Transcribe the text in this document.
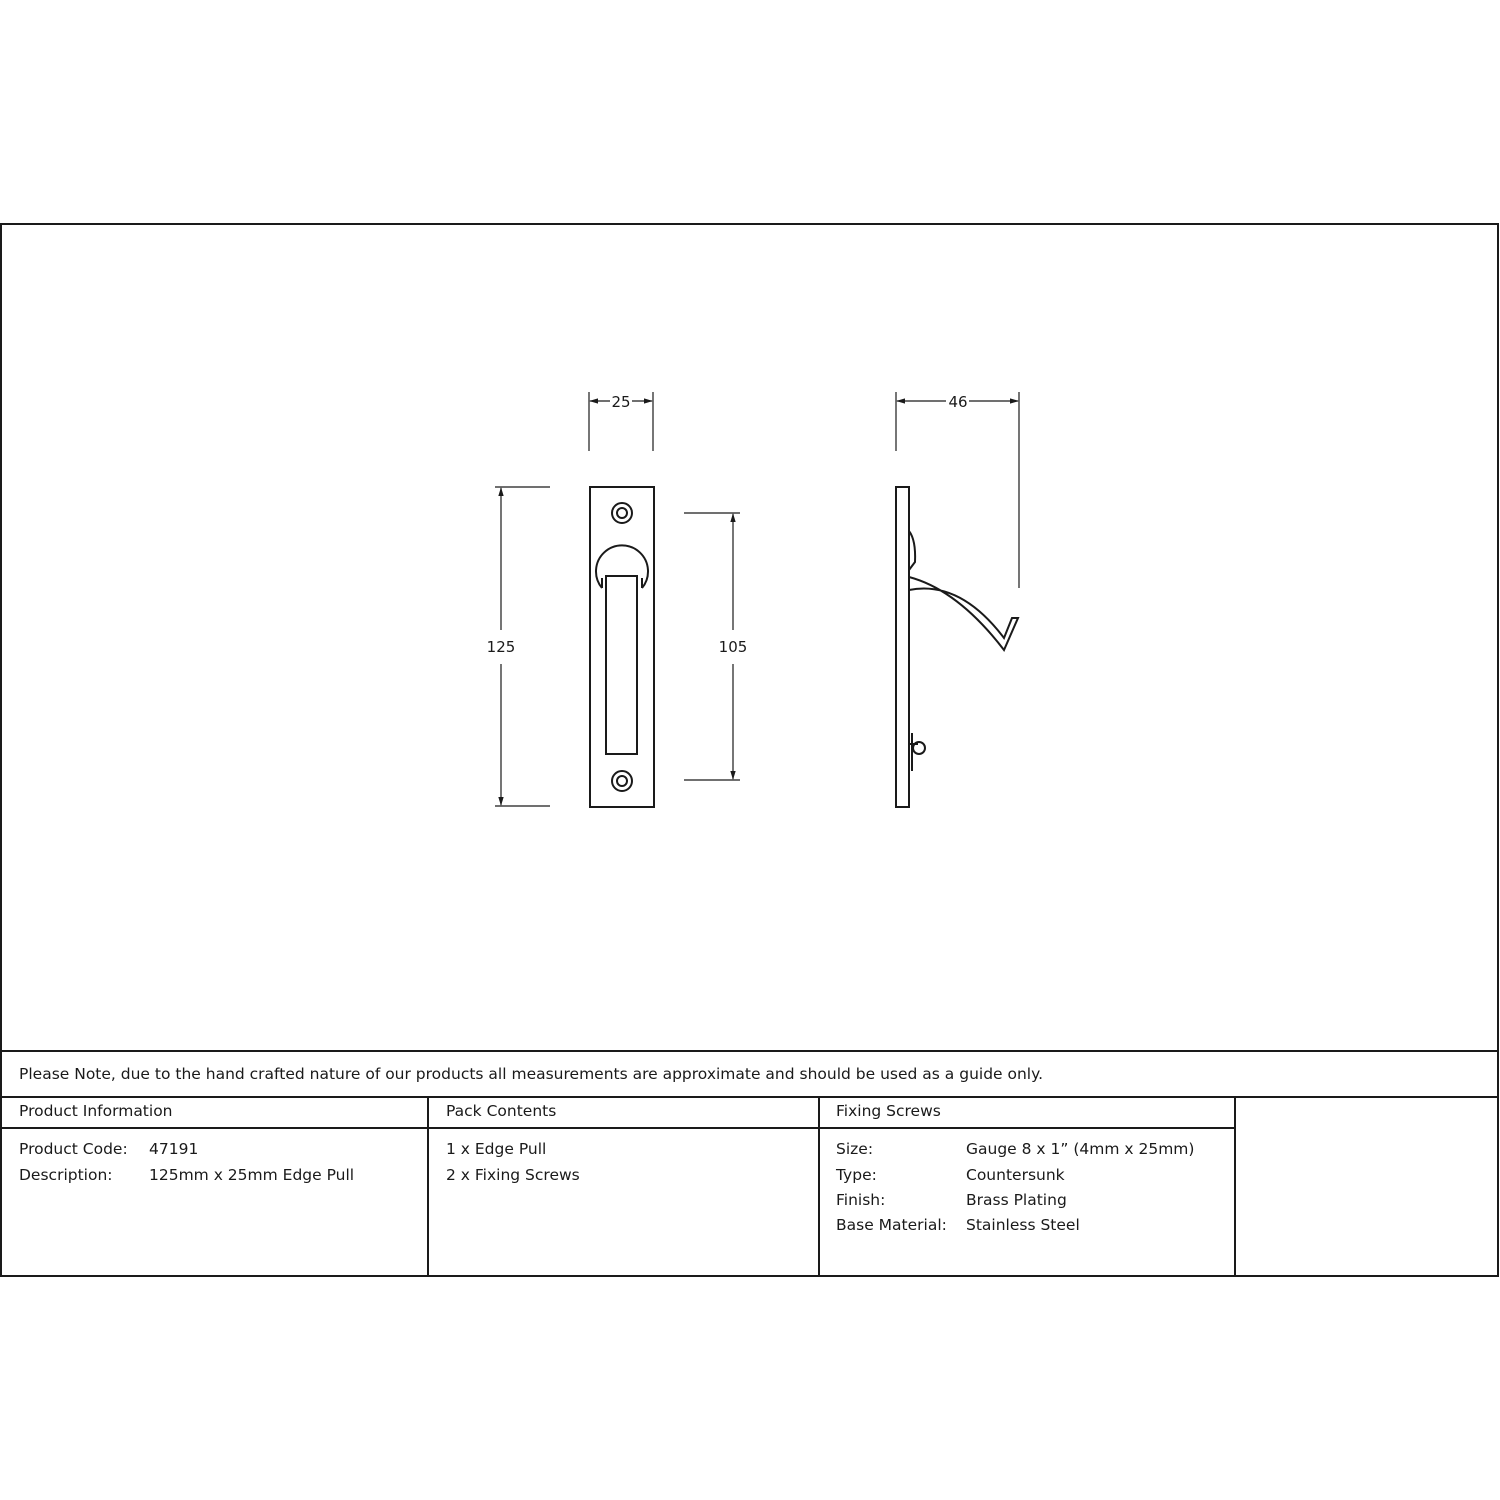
25
125	105
46
Please Note, due to the hand crafted nature of our products all measurements are approximate and should be used as a guide only.
Product Information
Product Code: 47191
Description: 125mm x 25mm Edge Pull
Pack Contents
1 x Edge Pull
2 x Fixing Screws
Fixing Screws
Size:	Gauge 8 x 1” (4mm x 25mm)
Type:	Countersunk
Finish:	Brass Plating
Base Material: Stainless Steel
